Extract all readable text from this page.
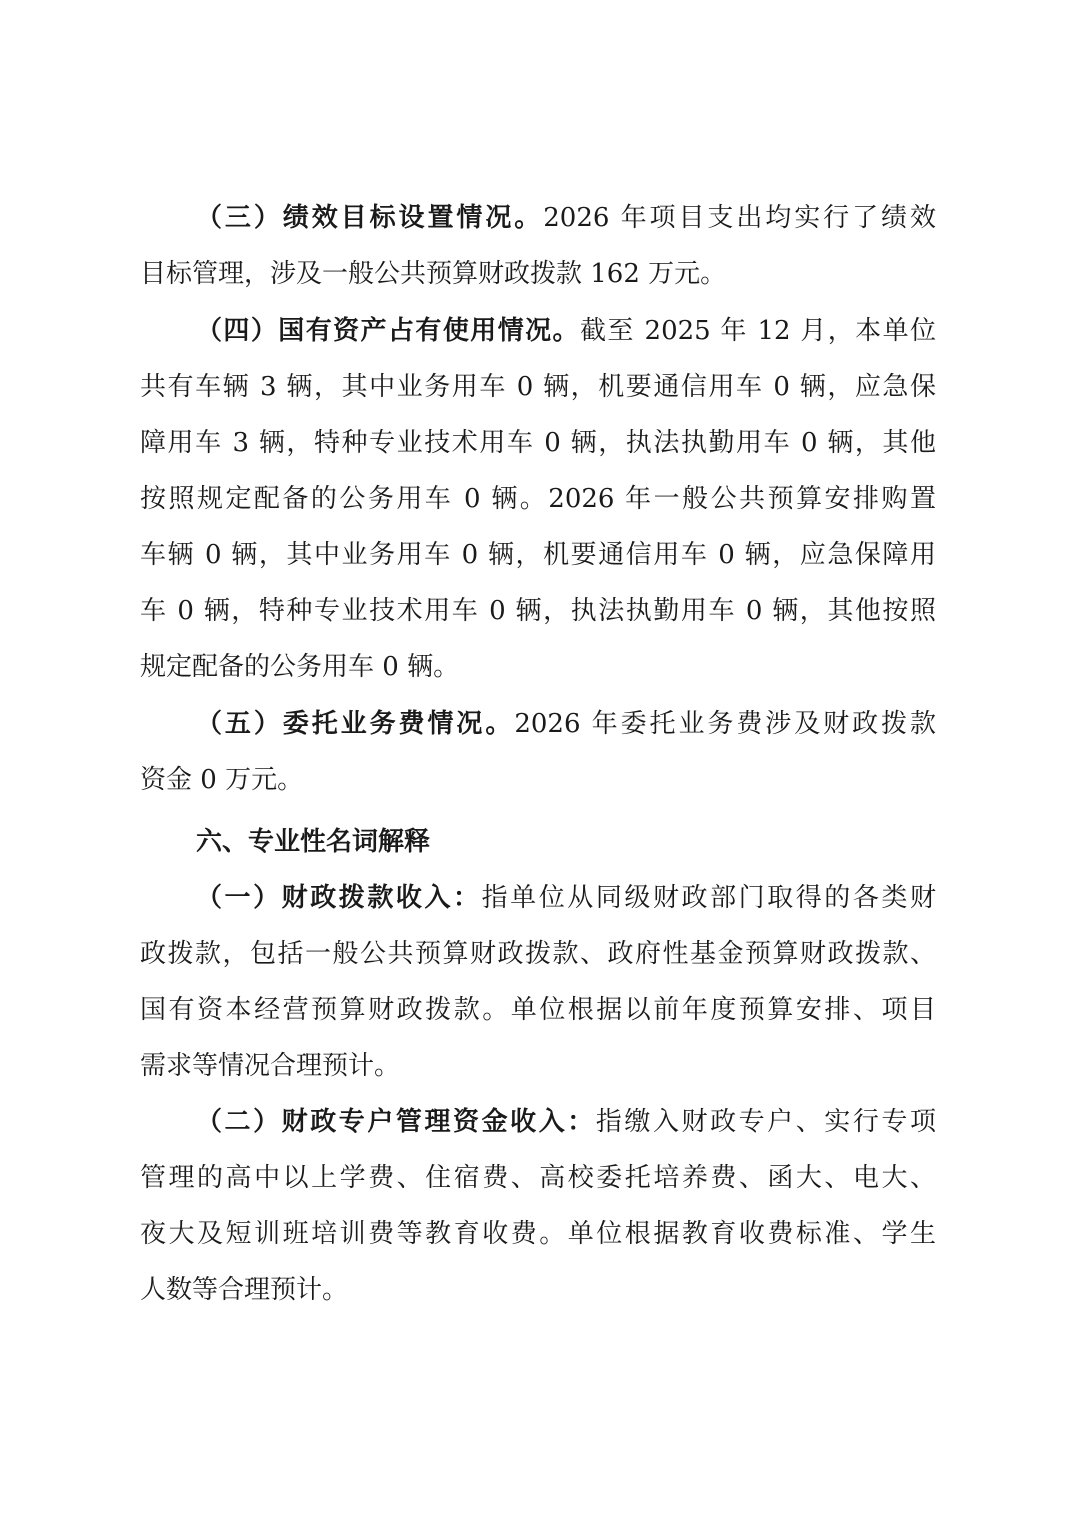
（三）绩效目标设置情况。2026 年项目支出均实行了绩效
目标管理，涉及一般公共预算财政拨款 162 万元。
（四）国有资产占有使用情况。截至 2025 年 12 月，本单位
共有车辆 3 辆，其中业务用车 0 辆，机要通信用车 0 辆，应急保
障用车 3 辆，特种专业技术用车 0 辆，执法执勤用车 0 辆，其他
按照规定配备的公务用车 0 辆。2026 年一般公共预算安排购置
车辆 0 辆，其中业务用车 0 辆，机要通信用车 0 辆，应急保障用
车 0 辆，特种专业技术用车 0 辆，执法执勤用车 0 辆，其他按照
规定配备的公务用车 0 辆。
（五）委托业务费情况。2026 年委托业务费涉及财政拨款
资金 0 万元。
六、专业性名词解释
（一）财政拨款收入：指单位从同级财政部门取得的各类财
政拨款，包括一般公共预算财政拨款、政府性基金预算财政拨款、
国有资本经营预算财政拨款。单位根据以前年度预算安排、项目
需求等情况合理预计。
（二）财政专户管理资金收入：指缴入财政专户、实行专项
管理的高中以上学费、住宿费、高校委托培养费、函大、电大、
夜大及短训班培训费等教育收费。单位根据教育收费标准、学生
人数等合理预计。
